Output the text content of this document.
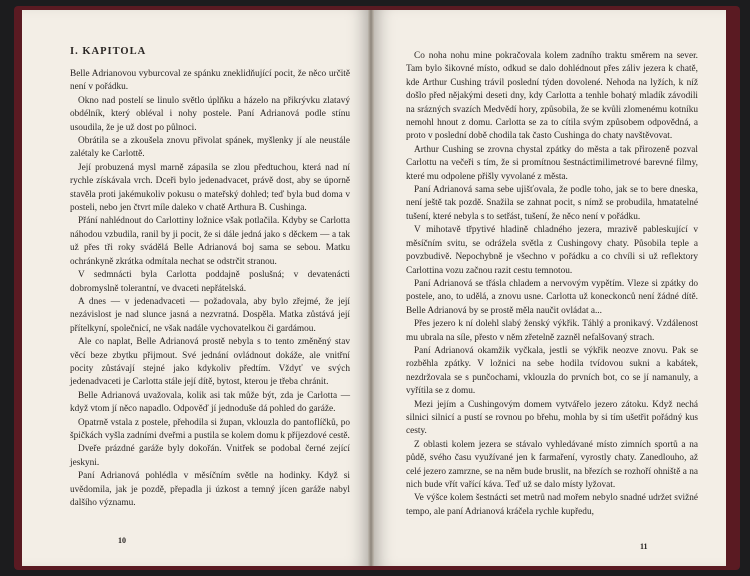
I. KAPITOLA

Belle Adrianovou vyburcoval ze spánku zneklidňující pocit, že něco určitě není v pořádku.

Okno nad postelí se linulo světlo úplňku a házelo na přikrývku zlatavý obdélník, který obléval i nohy postele. Paní Adrianová podle stínu usoudila, že je už dost po půlnoci.

Obrátila se a zkoušela znovu přivolat spánek, myšlenky jí ale neustále zalétaly ke Carlottě.

Její probuzená mysl marně zápasila se zlou předtuchou, která nad ní rychle získávala vrch. Dceři bylo jedenadvacet, právě dost, aby se úporně stavěla proti jakémukoliv pokusu o mateřský dohled; teď byla bud doma v posteli, nebo jen čtvrt míle daleko v chatě Arthura B. Cushinga.

Přání nahlédnout do Carlottiny ložnice však potlačila. Kdyby se Carlotta náhodou vzbudila, ranil by ji pocit, že si dále jedná jako s děckem — a tak už přes tři roky svádělá Belle Adrianová boj sama se sebou. Matku ochránkyně zkrátka odmítala nechat se odstrčit stranou.

V sedmnácti byla Carlotta poddajně poslušná; v devatenácti dobromyslně tolerantní, ve dvaceti nepřátelská.

A dnes — v jedenadvaceti — požadovala, aby bylo zřejmé, že její nezávislost je nad slunce jasná a nezvratná. Dospěla. Matka zůstává její přítelkyní, společnicí, ne však nadále vychovatelkou či gardámou.

Ale co naplat, Belle Adrianová prostě nebyla s to tento změněný stav věcí beze zbytku přijmout. Své jednání ovládnout dokáže, ale vnitřní pocity zůstávají stejné jako kdykoliv předtím. Vždyť ve svých jedenadvaceti je Carlotta stále její dítě, bytost, kterou je třeba chránit.

Belle Adrianová uvažovala, kolik asi tak může být, zda je Carlotta — když vtom jí něco napadlo. Odpověď jí jednoduše dá pohled do garáže.

Opatrně vstala z postele, přehodila si župan, vklouzla do pantoflíčků, po špičkách vyšla zadními dveřmi a pustila se kolem domu k příjezdové cestě.

Dveře prázdné garáže byly dokořán. Vnitřek se podobal černé zející jeskyni.

Paní Adrianová pohlédla v měsíčním světle na hodinky. Když si uvědomila, jak je pozdě, přepadla ji úzkost a temný jícen garáže nabyl dalšího významu.

10

Co noha nohu mine pokračovala kolem zadního traktu směrem na sever. Tam bylo šikovné místo, odkud se dalo dohlédnout přes záliv jezera k chatě, kde Arthur Cushing trávil poslední týden dovolené. Nehoda na lyžích, k níž došlo před nějakými deseti dny, kdy Carlotta a tenhle bohatý mladík závodili na srázných svazích Medvědí hory, způsobila, že se kvůli zlomenému kotníku nemohl hnout z domu. Carlotta se za to cítila svým způsobem odpovědná, a proto v poslední době chodila tak často Cushinga do chaty navštěvovat.

Arthur Cushing se zrovna chystal zpátky do města a tak přirozeně pozval Carlottu na večeři s tím, že si promítnou šestnáctimilimetrové barevné filmy, které mu odpolene přišly vyvolané z města.

Paní Adrianová sama sebe ujišťovala, že podle toho, jak se to bere dneska, není ještě tak pozdě. Snažila se zahnat pocit, s nímž se probudila, hmatatelné tušení, které nebyla s to setřást, tušení, že něco není v pořádku.

V mihotavě třpytivé hladině chladného jezera, mrazivě pableskující v měsíčním svitu, se odrážela světla z Cushingovy chaty. Působila teple a povzbudivě. Nepochybně je všechno v pořádku a co chvíli si už reflektory Carlottina vozu začnou razit cestu temnotou.

Paní Adrianová se třásla chladem a nervovým vypětím. Vleze si zpátky do postele, ano, to udělá, a znovu usne. Carlotta už koneckonců není žádné dítě. Belle Adrianová by se prostě měla naučit ovládat a...

Přes jezero k ní dolehl slabý ženský výkřik. Táhlý a pronikavý. Vzdálenost mu ubrala na síle, přesto v něm zřetelně zazněl nefalšovaný strach.

Paní Adrianová okamžik vyčkala, jestli se výkřik neozve znovu. Pak se rozběhla zpátky. V ložnici na sebe hodila tvídovou sukni a kabátek, nezdržovala se s punčochami, vklouzla do prvních bot, co se jí namanuly, a vyřítila se z domu.

Mezi jejím a Cushingovým domem vytvářelo jezero zátoku. Když nechá silnici silnicí a pustí se rovnou po břehu, mohla by si tím ušetřit pořádný kus cesty.

Z oblasti kolem jezera se stávalo vyhledávané místo zimních sportů a na půdě, svého času využívané jen k farmaření, vyrostly chaty. Zanedlouho, až celé jezero zamrzne, se na něm bude bruslit, na březích se rozhoří ohniště a na nich bude vřít vařící káva. Teď už se dalo místy lyžovat.

Ve výšce kolem šestnácti set metrů nad mořem nebylo snadné udržet svižné tempo, ale paní Adrianová kráčela rychle kupředu,

11
